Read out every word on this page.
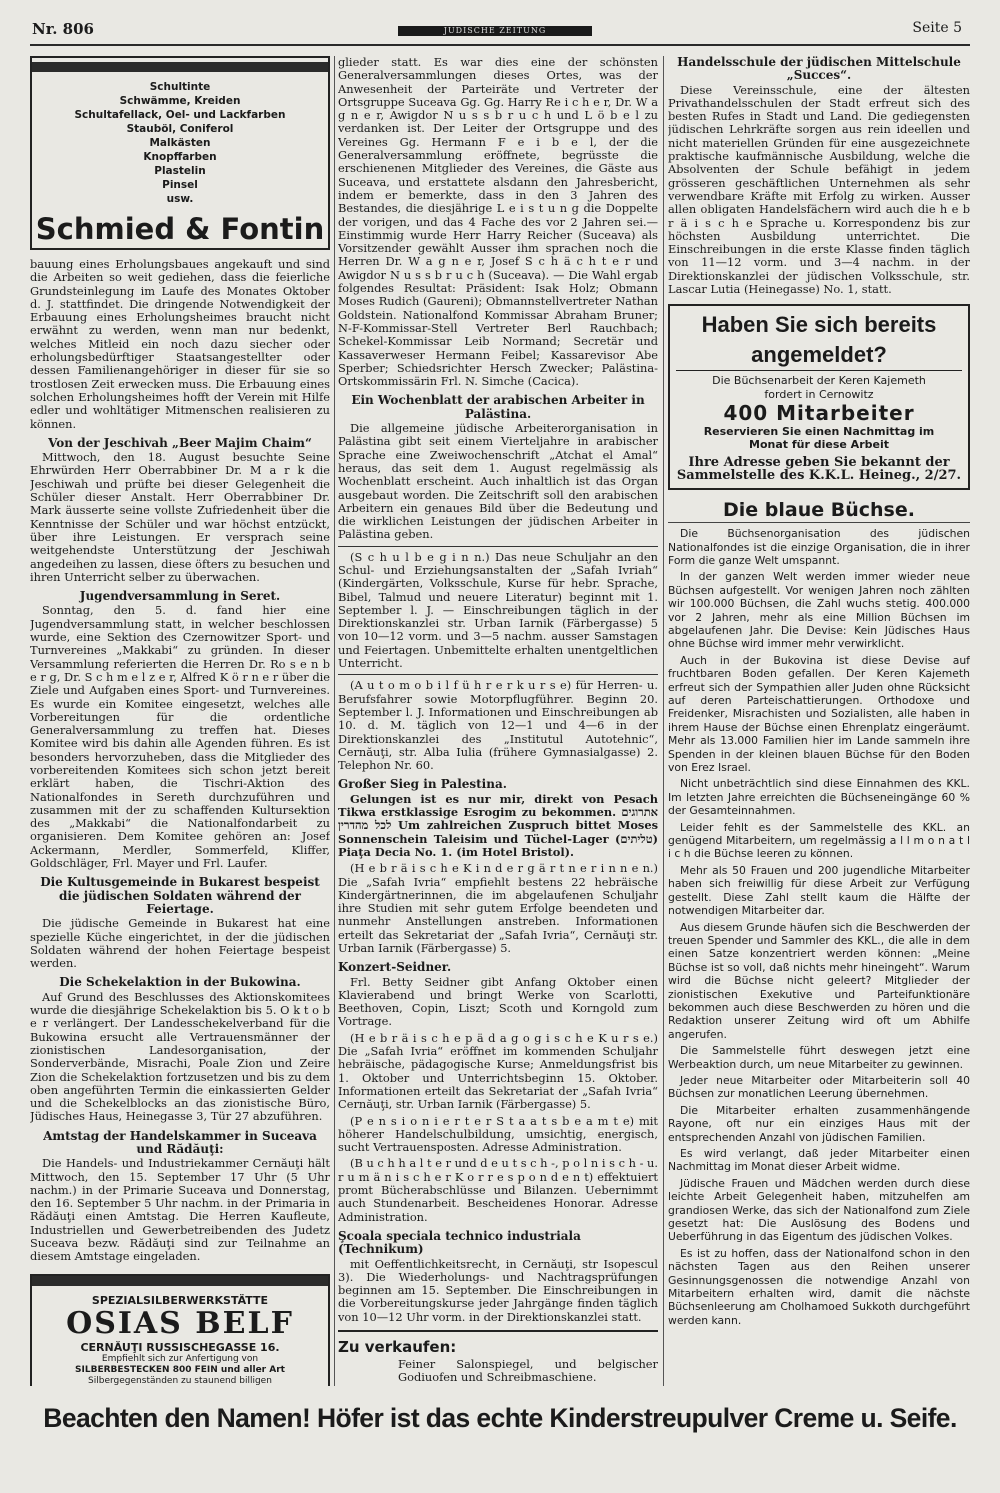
Nr. 806	JÜDISCHE ZEITUNG	Seite 5
Schultinte
Schwämme, Kreiden
Schultafellack, Oel- und Lackfarben
Stauböl, Coniferol
Malkästen
Knopffarben
Plastelin
Pinsel
usw.
Schmied & Fontin

bauung eines Erholungsbaues angekauft und sind die Arbeiten so weit gediehen, dass die feierliche Grundsteinlegung im Laufe des Monates Oktober d. J. stattfindet. Die dringende Notwendigkeit der Erbauung eines Erholungsheimes braucht nicht erwähnt zu werden, wenn man nur bedenkt, welches Mitleid ein noch dazu siecher oder erholungsbedürftiger Staatsangestellter oder dessen Familienangehöriger in dieser für sie so trostlosen Zeit erwecken muss. Die Erbauung eines solchen Erholungsheimes hofft der Verein mit Hilfe edler und wohltätiger Mitmenschen realisieren zu können.

Von der Jeschivah „Beer Majim Chaim“

Mittwoch, den 18. August besuchte Seine Ehrwürden Herr Oberrabbiner Dr. M a r k die Jeschiwah und prüfte bei dieser Gelegenheit die Schüler dieser Anstalt. Herr Oberrabbiner Dr. Mark äusserte seine vollste Zufriedenheit über die Kenntnisse der Schüler und war höchst entzückt, über ihre Leistungen. Er versprach seine weitgehendste Unterstützung der Jeschiwah angedeihen zu lassen, diese öfters zu besuchen und ihren Unterricht selber zu überwachen.

Jugendversammlung in Seret.

Sonntag, den 5. d. fand hier eine Jugendversammlung statt, in welcher beschlossen wurde, eine Sektion des Czernowitzer Sport- und Turnvereines „Makkabi“ zu gründen. In dieser Versammlung referierten die Herren Dr. Ro s e n b e r g, Dr. S c h m e l z e r, Alfred K ö r n e r über die Ziele und Aufgaben eines Sport- und Turnvereines. Es wurde ein Komitee eingesetzt, welches alle Vorbereitungen für die ordentliche Generalversammlung zu treffen hat. Dieses Komitee wird bis dahin alle Agenden führen. Es ist besonders hervorzuheben, dass die Mitglieder des vorbereitenden Komitees sich schon jetzt bereit erklärt haben, die Tischri-Aktion des Nationalfondes in Sereth durchzuführen und zusammen mit der zu schaffenden Kultursektion des „Makkabi“ die Nationalfondarbeit zu organisieren. Dem Komitee gehören an: Josef Ackermann, Merdler, Sommerfeld, Kliffer, Goldschläger, Frl. Mayer und Frl. Laufer.

Die Kultusgemeinde in Bukarest bespeist die jüdischen Soldaten während der Feiertage.

Die jüdische Gemeinde in Bukarest hat eine spezielle Küche eingerichtet, in der die jüdischen Soldaten während der hohen Feiertage bespeist werden.

Die Schekelaktion in der Bukowina.

Auf Grund des Beschlusses des Aktionskomitees wurde die diesjährige Schekelaktion bis 5. O k t o b e r verlängert. Der Landesschekelverband für die Bukowina ersucht alle Vertrauensmänner der zionistischen Landesorganisation, der Sonderverbände, Misrachi, Poale Zion und Zeire Zion die Schekelaktion fortzusetzen und bis zu dem oben angeführten Termin die einkassierten Gelder und die Schekelblocks an das zionistische Büro, Jüdisches Haus, Heinegasse 3, Tür 27 abzuführen.

Amtstag der Handelskammer in Suceava und Rădăuţi:

Die Handels- und Industriekammer Cernăuţi hält Mittwoch, den 15. September 17 Uhr (5 Uhr nachm.) in der Primarie Suceava und Donnerstag, den 16. September 5 Uhr nachm. in der Primaria in Rădăuţi einen Amtstag. Die Herren Kaufleute, Industriellen und Gewerbetreibenden des Judetz Suceava bezw. Rădăuţi sind zur Teilnahme an diesem Amtstage eingeladen.

SPEZIALSILBERWERKSTÄTTE
OSIAS BELF
CERNĂUŢI RUSSISCHEGASSE 16.
Empfiehlt sich zur Anfertigung von
SILBERBESTECKEN 800 FEIN und aller Art
Silbergegenständen zu staunend billigen

glieder statt. Es war dies eine der schönsten Generalversammlungen dieses Ortes, was der Anwesenheit der Parteiräte und Vertreter der Ortsgruppe Suceava Gg. Gg. Harry Re i c h e r, Dr. W a g n e r, Awigdor N u s s b r u c h und L ö b e l zu verdanken ist. Der Leiter der Ortsgruppe und des Vereines Gg. Hermann F e i b e l, der die Generalversammlung eröffnete, begrüsste die erschienenen Mitglieder des Vereines, die Gäste aus Suceava, und erstattete alsdann den Jahresbericht, indem er bemerkte, dass in den 3 Jahren des Bestandes, die diesjährige L e i s t u n g die Doppelte der vorigen, und das 4 Fache des vor 2 Jahren sei.—Einstimmig wurde Herr Harry Reicher (Suceava) als Vorsitzender gewählt Ausser ihm sprachen noch die Herren Dr. W a g n e r, Josef S c h ä c h t e r und Awigdor N u s s b r u c h (Suceava). — Die Wahl ergab folgendes Resultat: Präsident: Isak Holz; Obmann Moses Rudich (Gaureni); Obmannstellvertreter Nathan Goldstein. Nationalfond Kommissar Abraham Bruner; N-F-Kommissar-Stell Vertreter Berl Rauchbach; Schekel-Kommissar Leib Normand; Secretär und Kassaverweser Hermann Feibel; Kassarevisor Abe Sperber; Schiedsrichter Hersch Zwecker; Palästina-Ortskommissärin Frl. N. Simche (Cacica).

Ein Wochenblatt der arabischen Arbeiter in Palästina.

Die allgemeine jüdische Arbeiterorganisation in Palästina gibt seit einem Vierteljahre in arabischer Sprache eine Zweiwochenschrift „Atchat el Amal“ heraus, das seit dem 1. August regelmässig als Wochenblatt erscheint. Auch inhaltlich ist das Organ ausgebaut worden. Die Zeitschrift soll den arabischen Arbeitern ein genaues Bild über die Bedeutung und die wirklichen Leistungen der jüdischen Arbeiter in Palästina geben.

(S c h u l b e g i n n.) Das neue Schuljahr an den Schul- und Erziehungsanstalten der „Safah Ivriah“ (Kindergärten, Volksschule, Kurse für hebr. Sprache, Bibel, Talmud und neuere Literatur) beginnt mit 1. September l. J. — Einschreibungen täglich in der Direktionskanzlei str. Urban Iarnik (Färbergasse) 5 von 10—12 vorm. und 3—5 nachm. ausser Samstagen und Feiertagen. Unbemittelte erhalten unentgeltlichen Unterricht.

(A u t o m o b i l f ü h r e r k u r s e) für Herren- u. Berufsfahrer sowie Motorpflugführer. Beginn 20. September l. J. Informationen und Einschreibungen ab 10. d. M. täglich von 12—1 und 4—6 in der Direktionskanzlei des „Institutul Autotehnic“, Cernăuţi, str. Alba Iulia (frühere Gymnasialgasse) 2. Telephon Nr. 60.

Großer Sieg in Palestina.

Gelungen ist es nur mir, direkt von Pesach Tikwa erstklassige Esrogim zu bekommen. אתרוגים לכל מהדרין Um zahlreichen Zuspruch bittet Moses Sonnenschein Taleisim und Tüchel-Lager (טליתים) Piaţa Decia No. 1. (im Hotel Bristol).

(H e b r ä i s c h e K i n d e r g ä r t n e r i n n e n.) Die „Safah Ivria“ empfiehlt bestens 22 hebräische Kindergärtnerinnen, die im abgelaufenen Schuljahr ihre Studien mit sehr gutem Erfolge beendeten und nunmehr Anstellungen anstreben. Informationen erteilt das Sekretariat der „Safah Ivria“, Cernăuţi str. Urban Iarnik (Färbergasse) 5.

Konzert-Seidner.

Frl. Betty Seidner gibt Anfang Oktober einen Klavierabend und bringt Werke von Scarlotti, Beethoven, Copin, Liszt; Scoth und Korngold zum Vortrage.

(H e b r ä i s c h e p ä d a g o g i s c h e K u r s e.) Die „Safah Ivria“ eröffnet im kommenden Schuljahr hebräische, pädagogische Kurse; Anmeldungsfrist bis 1. Oktober und Unterrichtsbeginn 15. Oktober. Informationen erteilt das Sekretariat der „Safah Ivria“ Cernăuţi, str. Urban Iarnik (Färbergasse) 5.

(P e n s i o n i e r t e r S t a a t s b e a m t e) mit höherer Handelschulbildung, umsichtig, energisch, sucht Vertrauensposten. Adresse Administration.

(B u c h h a l t e r und d e u t s c h -, p o l n i s c h - u. r u m ä n i s c h e r K o r r e s p o n d e n t) effektuiert promt Bücherabschlüsse und Bilanzen. Uebernimmt auch Stundenarbeit. Bescheidenes Honorar. Adresse Administration.

Şcoala speciala technico industriala (Technikum)

mit Oeffentlichkeitsrecht, in Cernăuţi, str Isopescul 3). Die Wiederholungs- und Nachtragsprüfungen beginnen am 15. September. Die Einschreibungen in die Vorbereitungskurse jeder Jahrgänge finden täglich von 10—12 Uhr vorm. in der Direktionskanzlei statt.

Zu verkaufen:

Feiner Salonspiegel, und belgischer Godiuofen und Schreibmaschiene.

Handelsschule der jüdischen Mittelschule „Succes“.

Diese Vereinsschule, eine der ältesten Privathandelsschulen der Stadt erfreut sich des besten Rufes in Stadt und Land. Die gediegensten jüdischen Lehrkräfte sorgen aus rein ideellen und nicht materiellen Gründen für eine ausgezeichnete praktische kaufmännische Ausbildung, welche die Absolventen der Schule befähigt in jedem grösseren geschäftlichen Unternehmen als sehr verwendbare Kräfte mit Erfolg zu wirken. Ausser allen obligaten Handelsfächern wird auch die h e b r ä i s c h e Sprache u. Korrespondenz bis zur höchsten Ausbildung unterrichtet. Die Einschreibungen in die erste Klasse finden täglich von 11—12 vorm. und 3—4 nachm. in der Direktionskanzlei der jüdischen Volksschule, str. Lascar Lutia (Heinegasse) No. 1, statt.

Haben Sie sich bereits angemeldet?
Die Büchsenarbeit der Keren Kajemeth
fordert in Cernowitz
400 Mitarbeiter
Reservieren Sie einen Nachmittag im
Monat für diese Arbeit
Ihre Adresse geben Sie bekannt der
Sammelstelle des K.K.L. Heineg., 2/27.
Die blaue Büchse.

Die Büchsenorganisation des jüdischen Nationalfondes ist die einzige Organisation, die in ihrer Form die ganze Welt umspannt.

In der ganzen Welt werden immer wieder neue Büchsen aufgestellt. Vor wenigen Jahren noch zählten wir 100.000 Büchsen, die Zahl wuchs stetig. 400.000 vor 2 Jahren, mehr als eine Million Büchsen im abgelaufenen Jahr. Die Devise: Kein Jüdisches Haus ohne Büchse wird immer mehr verwirklicht.

Auch in der Bukovina ist diese Devise auf fruchtbaren Boden gefallen. Der Keren Kajemeth erfreut sich der Sympathien aller Juden ohne Rücksicht auf deren Parteischattierungen. Orthodoxe und Freidenker, Misrachisten und Sozialisten, alle haben in ihrem Hause der Büchse einen Ehrenplatz eingeräumt. Mehr als 13.000 Familien hier im Lande sammeln ihre Spenden in der kleinen blauen Büchse für den Boden von Erez Israel.

Nicht unbeträchtlich sind diese Einnahmen des KKL. Im letzten Jahre erreichten die Büchseneingänge 60 % der Gesamteinnahmen.

Leider fehlt es der Sammelstelle des KKL. an genügend Mitarbeitern, um regelmässig a l l m o n a t l i c h die Büchse leeren zu können.

Mehr als 50 Frauen und 200 jugendliche Mitarbeiter haben sich freiwillig für diese Arbeit zur Verfügung gestellt. Diese Zahl stellt kaum die Hälfte der notwendigen Mitarbeiter dar.

Aus diesem Grunde häufen sich die Beschwerden der treuen Spender und Sammler des KKL., die alle in dem einen Satze konzentriert werden können: „Meine Büchse ist so voll, daß nichts mehr hineingeht“. Warum wird die Büchse nicht geleert? Mitglieder der zionistischen Exekutive und Parteifunktionäre bekommen auch diese Beschwerden zu hören und die Redaktion unserer Zeitung wird oft um Abhilfe angerufen.

Die Sammelstelle führt deswegen jetzt eine Werbeaktion durch, um neue Mitarbeiter zu gewinnen.

Jeder neue Mitarbeiter oder Mitarbeiterin soll 40 Büchsen zur monatlichen Leerung übernehmen.

Die Mitarbeiter erhalten zusammenhängende Rayone, oft nur ein einziges Haus mit der entsprechenden Anzahl von jüdischen Familien.

Es wird verlangt, daß jeder Mitarbeiter einen Nachmittag im Monat dieser Arbeit widme.

Jüdische Frauen und Mädchen werden durch diese leichte Arbeit Gelegenheit haben, mitzuhelfen am grandiosen Werke, das sich der Nationalfond zum Ziele gesetzt hat: Die Auslösung des Bodens und Ueberführung in das Eigentum des jüdischen Volkes.

Es ist zu hoffen, dass der Nationalfond schon in den nächsten Tagen aus den Reihen unserer Gesinnungsgenossen die notwendige Anzahl von Mitarbeitern erhalten wird, damit die nächste Büchsenleerung am Cholhamoed Sukkoth durchgeführt werden kann.

Beachten den Namen! Höfer ist das echte Kinderstreupulver Creme u. Seife.
